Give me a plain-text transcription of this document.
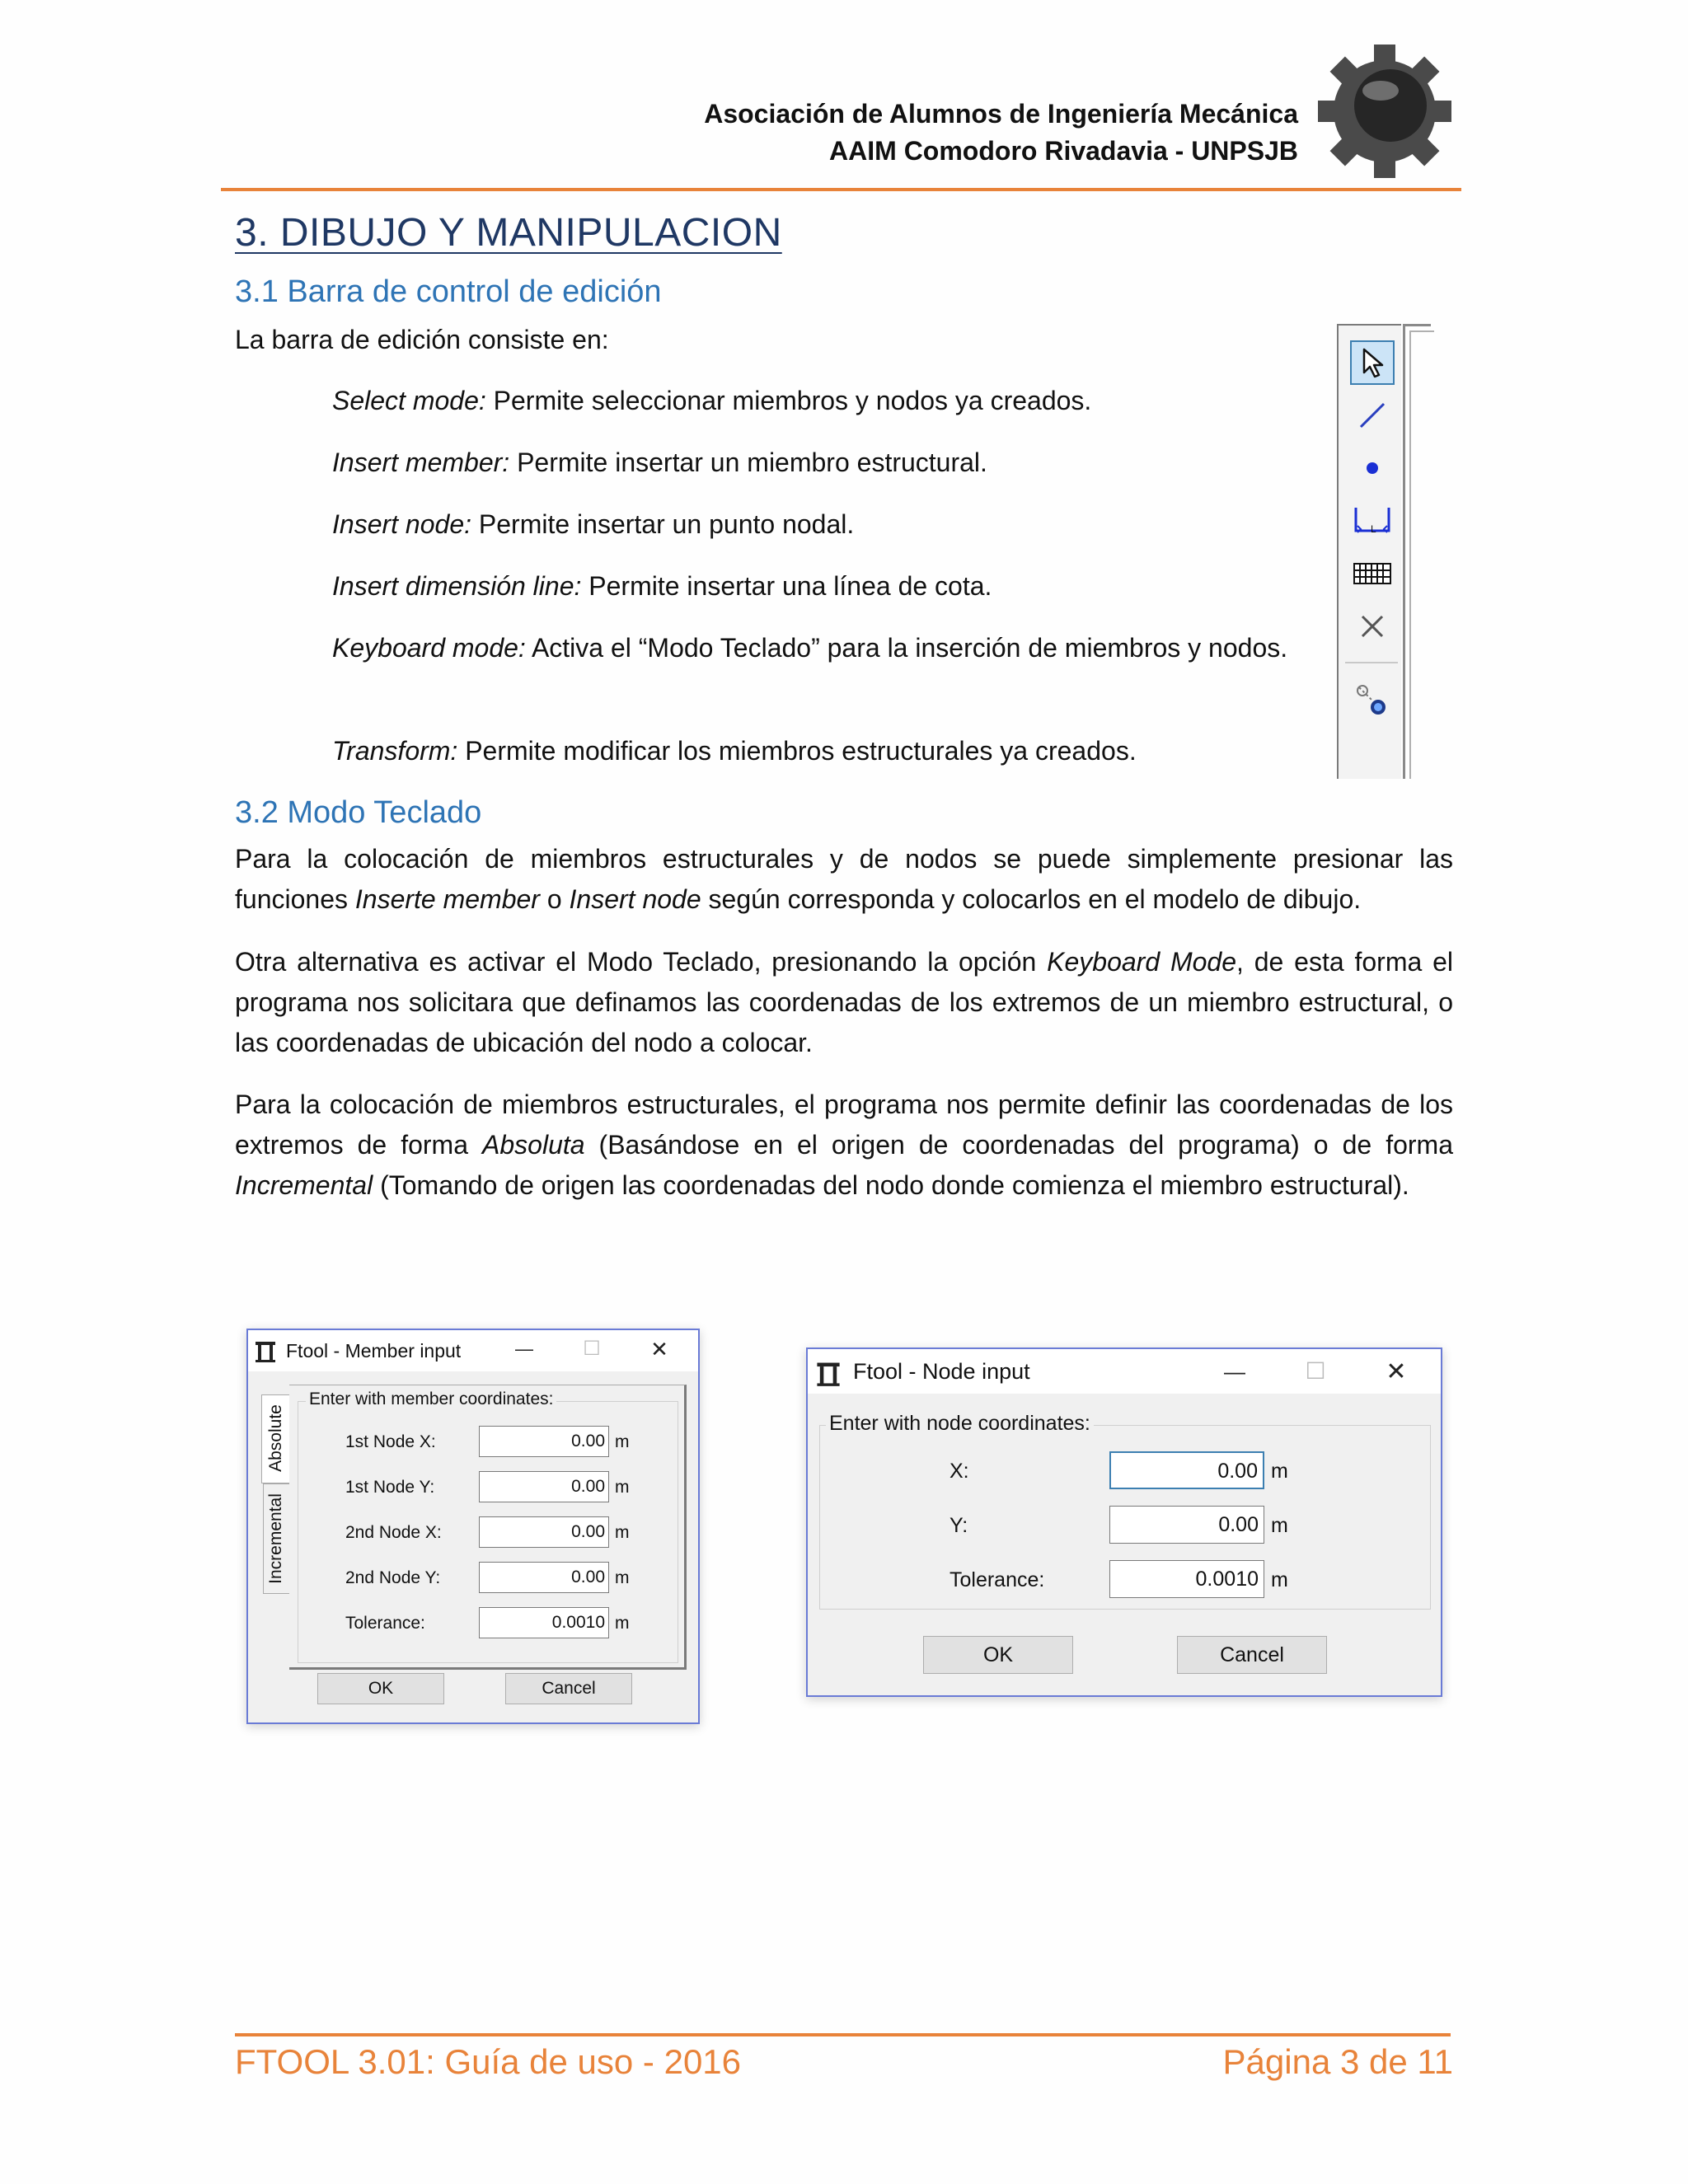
Asociación de Alumnos de Ingeniería Mecánica
AAIM Comodoro Rivadavia - UNPSJB
3. DIBUJO Y MANIPULACION
3.1 Barra de control de edición
La barra de edición consiste en:
Select mode: Permite seleccionar miembros y nodos ya creados.
Insert member: Permite insertar un miembro estructural.
Insert node: Permite insertar un punto nodal.
Insert dimensión line: Permite insertar una línea de cota.
Keyboard mode: Activa el “Modo Teclado” para la inserción de miembros y nodos.
Transform: Permite modificar los miembros estructurales ya creados.
L
3.2 Modo Teclado
Para la colocación de miembros estructurales y de nodos se puede simplemente presionar las funciones Inserte member o Insert node según corresponda y colocarlos en el modelo de dibujo.
Otra alternativa es activar el Modo Teclado, presionando la opción Keyboard Mode, de esta forma el programa nos solicitara que definamos las coordenadas de los extremos de un miembro estructural, o las coordenadas de ubicación del nodo a colocar.
Para la colocación de miembros estructurales, el programa nos permite definir las coordenadas de los extremos de forma Absoluta (Basándose en el origen de coordenadas del programa) o de forma Incremental (Tomando de origen las coordenadas del nodo donde comienza el miembro estructural).
Ftool - Member input	—	☐	✕
Absolute
Incremental
Enter with member coordinates:
1st Node X:	0.00 m
1st Node Y:	0.00 m
2nd Node X:	0.00 m
2nd Node Y:	0.00 m
Tolerance:	0.0010 m
OK	Cancel
Ftool - Node input	—	☐	✕
Enter with node coordinates:
X:	0.00 m
Y:	0.00 m
Tolerance:	0.0010 m
OK	Cancel
FTOOL 3.01: Guía de uso - 2016	Página 3 de 11
